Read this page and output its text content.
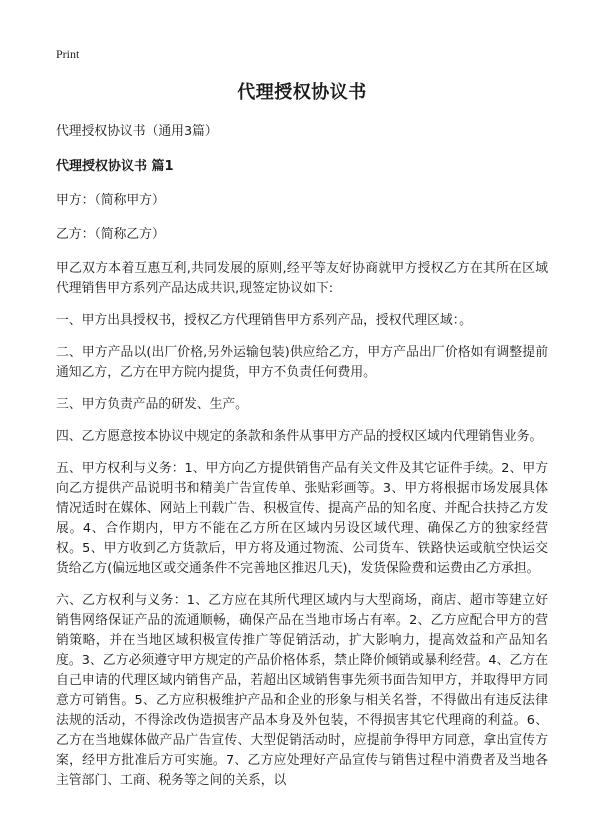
Print
代理授权协议书
代理授权协议书（通用3篇）
代理授权协议书 篇1
甲方：（简称甲方）
乙方：（简称乙方）
甲乙双方本着互惠互利,共同发展的原则,经平等友好协商就甲方授权乙方在其所在区域代理销售甲方系列产品达成共识,现签定协议如下:
一、甲方出具授权书，授权乙方代理销售甲方系列产品，授权代理区域：。
二、甲方产品以(出厂价格,另外运输包装)供应给乙方，甲方产品出厂价格如有调整提前通知乙方，乙方在甲方院内提货，甲方不负责任何费用。
三、甲方负责产品的研发、生产。
四、乙方愿意按本协议中规定的条款和条件从事甲方产品的授权区域内代理销售业务。
五、甲方权利与义务：1、甲方向乙方提供销售产品有关文件及其它证件手续。2、甲方向乙方提供产品说明书和精美广告宣传单、张贴彩画等。3、甲方将根据市场发展具体情况适时在媒体、网站上刊载广告、积极宣传、提高产品的知名度、并配合扶持乙方发展。4、合作期内，甲方不能在乙方所在区域内另设区域代理、确保乙方的独家经营权。5、甲方收到乙方货款后，甲方将及通过物流、公司货车、铁路快运或航空快运交货给乙方(偏远地区或交通条件不完善地区推迟几天)，发货保险费和运费由乙方承担。
六、乙方权利与义务：1、乙方应在其所代理区域内与大型商场，商店、超市等建立好销售网络保证产品的流通顺畅，确保产品在当地市场占有率。2、乙方应配合甲方的营销策略，并在当地区域积极宣传推广等促销活动，扩大影响力，提高效益和产品知名度。3、乙方必须遵守甲方规定的产品价格体系，禁止降价倾销或暴利经营。4、乙方在自己申请的代理区域内销售产品，若超出区域销售事先须书面告知甲方，并取得甲方同意方可销售。5、乙方应积极维护产品和企业的形象与相关名誉，不得做出有违反法律法规的活动，不得涂改伪造损害产品本身及外包装，不得损害其它代理商的利益。6、乙方在当地媒体做产品广告宣传、大型促销活动时，应提前争得甲方同意，拿出宣传方案，经甲方批准后方可实施。7、乙方应处理好产品宣传与销售过程中消费者及当地各主管部门、工商、税务等之间的关系，以
